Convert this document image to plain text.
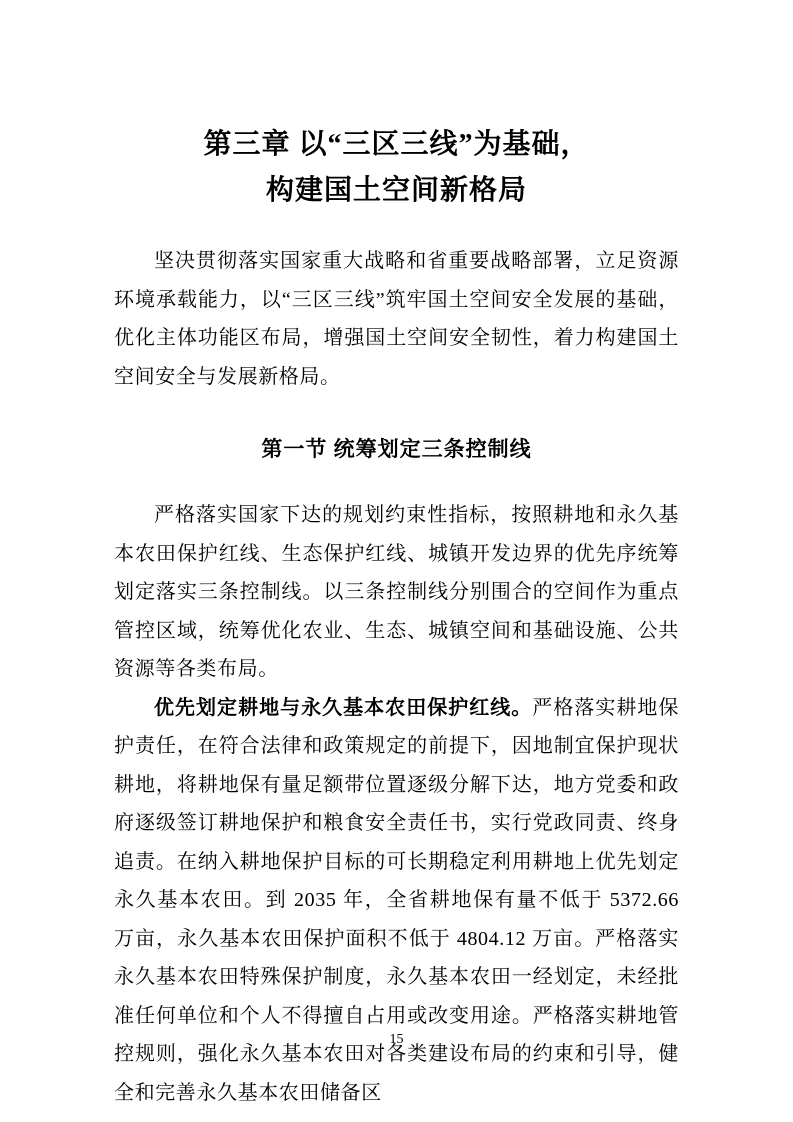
第三章 以“三区三线”为基础，
构建国土空间新格局

坚决贯彻落实国家重大战略和省重要战略部署，立足资源环境承载能力，以“三区三线”筑牢国土空间安全发展的基础，优化主体功能区布局，增强国土空间安全韧性，着力构建国土空间安全与发展新格局。

第一节 统筹划定三条控制线

严格落实国家下达的规划约束性指标，按照耕地和永久基本农田保护红线、生态保护红线、城镇开发边界的优先序统筹划定落实三条控制线。以三条控制线分别围合的空间作为重点管控区域，统筹优化农业、生态、城镇空间和基础设施、公共资源等各类布局。

优先划定耕地与永久基本农田保护红线。严格落实耕地保护责任，在符合法律和政策规定的前提下，因地制宜保护现状耕地，将耕地保有量足额带位置逐级分解下达，地方党委和政府逐级签订耕地保护和粮食安全责任书，实行党政同责、终身追责。在纳入耕地保护目标的可长期稳定利用耕地上优先划定永久基本农田。到 2035 年，全省耕地保有量不低于 5372.66 万亩，永久基本农田保护面积不低于 4804.12 万亩。严格落实永久基本农田特殊保护制度，永久基本农田一经划定，未经批准任何单位和个人不得擅自占用或改变用途。严格落实耕地管控规则，强化永久基本农田对各类建设布局的约束和引导，健全和完善永久基本农田储备区

15
